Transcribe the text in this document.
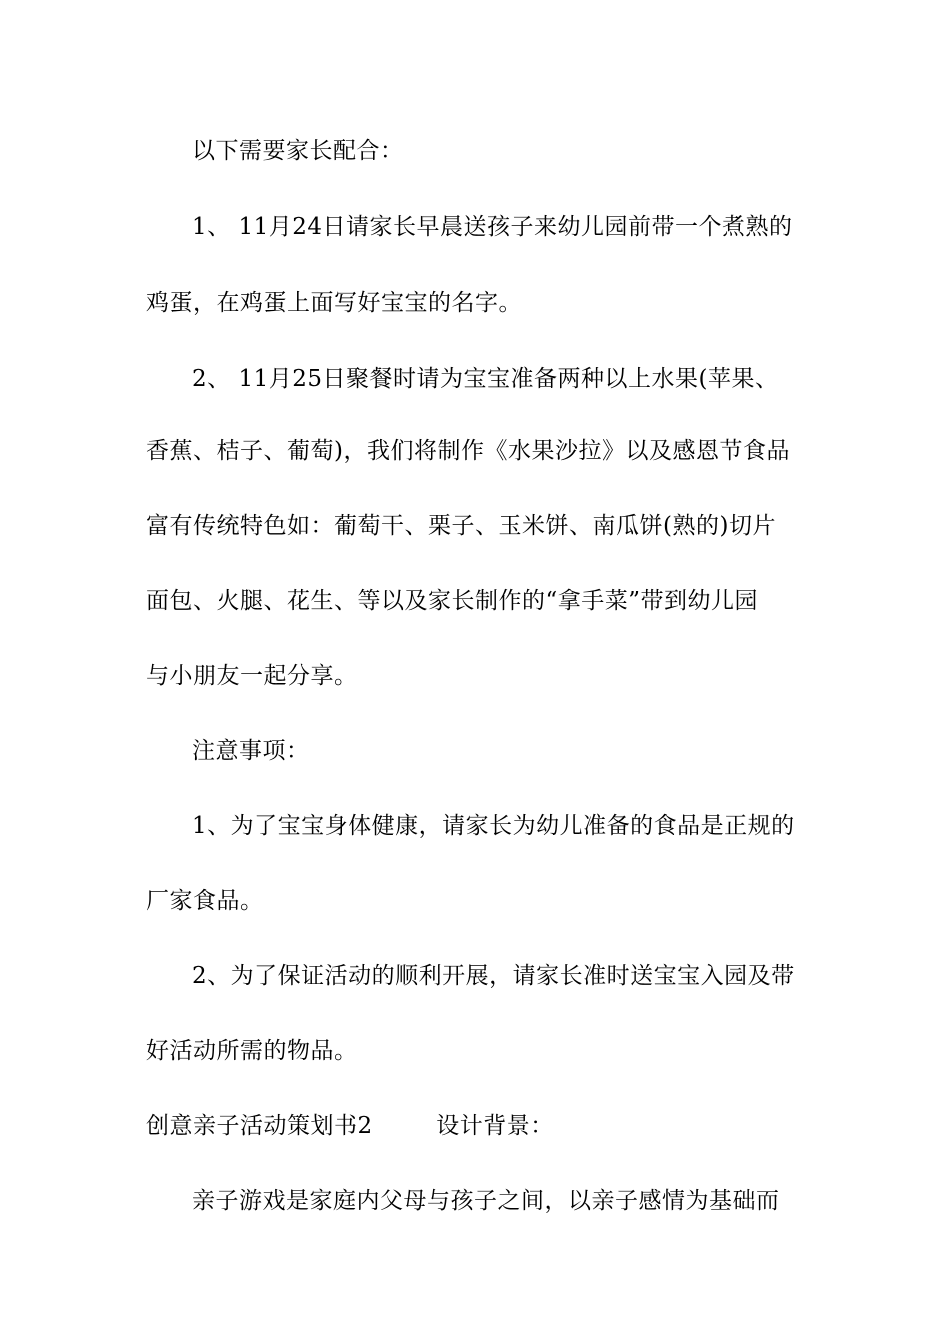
以下需要家长配合：
1、 11月24日请家长早晨送孩子来幼儿园前带一个煮熟的
鸡蛋，在鸡蛋上面写好宝宝的名字。
2、 11月25日聚餐时请为宝宝准备两种以上水果(苹果、
香蕉、桔子、葡萄)，我们将制作《水果沙拉》以及感恩节食品
富有传统特色如：葡萄干、栗子、玉米饼、南瓜饼(熟的)切片
面包、火腿、花生、等以及家长制作的“拿手菜”带到幼儿园
与小朋友一起分享。
注意事项：
1、为了宝宝身体健康，请家长为幼儿准备的食品是正规的
厂家食品。
2、为了保证活动的顺利开展，请家长准时送宝宝入园及带
好活动所需的物品。
创意亲子活动策划书2	设计背景：
亲子游戏是家庭内父母与孩子之间，以亲子感情为基础而
